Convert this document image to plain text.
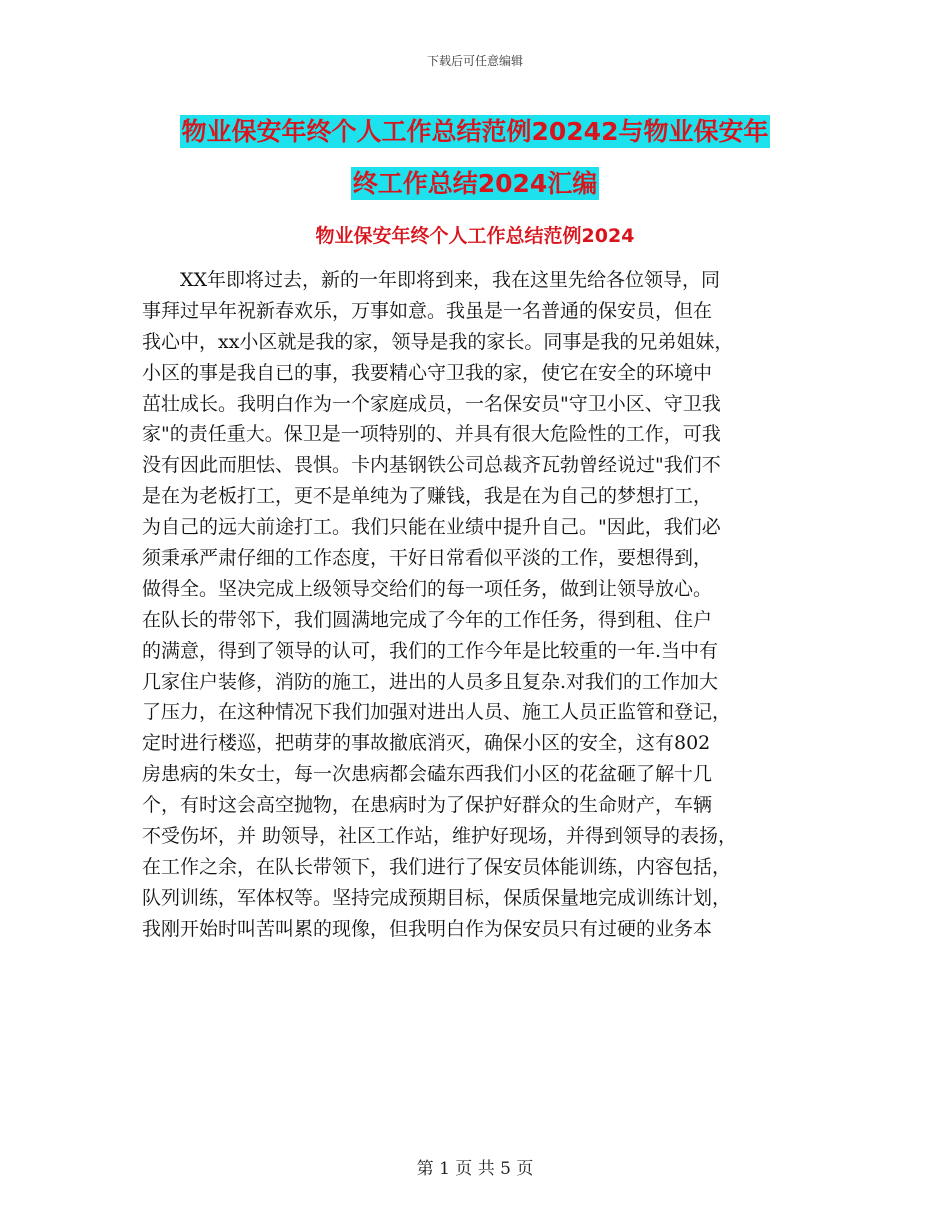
下载后可任意编辑
物业保安年终个人工作总结范例20242与物业保安年
终工作总结2024汇编
物业保安年终个人工作总结范例2024
　　XX年即将过去，新的一年即将到来，我在这里先给各位领导，同
事拜过早年祝新春欢乐，万事如意。我虽是一名普通的保安员，但在
我心中，xx小区就是我的家，领导是我的家长。同事是我的兄弟姐妹，
小区的事是我自已的事，我要精心守卫我的家，使它在安全的环境中
茁壮成长。我明白作为一个家庭成员，一名保安员"守卫小区、守卫我
家"的责任重大。保卫是一项特别的、并具有很大危险性的工作，可我
没有因此而胆怯、畏惧。卡内基钢铁公司总裁齐瓦勃曾经说过"我们不
是在为老板打工，更不是单纯为了赚钱，我是在为自己的梦想打工，
为自己的远大前途打工。我们只能在业绩中提升自己。"因此，我们必
须秉承严肃仔细的工作态度，干好日常看似平淡的工作，要想得到，
做得全。坚决完成上级领导交给们的每一项任务，做到让领导放心。
在队长的带邻下，我们圆满地完成了今年的工作任务，得到租、住户
的满意，得到了领导的认可，我们的工作今年是比较重的一年.当中有
几家住户装修，消防的施工，进出的人员多且复杂.对我们的工作加大
了压力，在这种情况下我们加强对进出人员、施工人员正监管和登记，
定时进行楼巡，把萌芽的事故撤底消灭，确保小区的安全，这有802
房患病的朱女士，每一次患病都会磕东西我们小区的花盆砸了解十几
个，有时这会高空抛物，在患病时为了保护好群众的生命财产，车辆
不受伤坏，并 助领导，社区工作站，维护好现场，并得到领导的表扬，
在工作之余，在队长带领下，我们进行了保安员体能训练，内容包括，
队列训练，军体权等。坚持完成预期目标，保质保量地完成训练计划，
我刚开始时叫苦叫累的现像，但我明白作为保安员只有过硬的业务本
第 1 页 共 5 页
